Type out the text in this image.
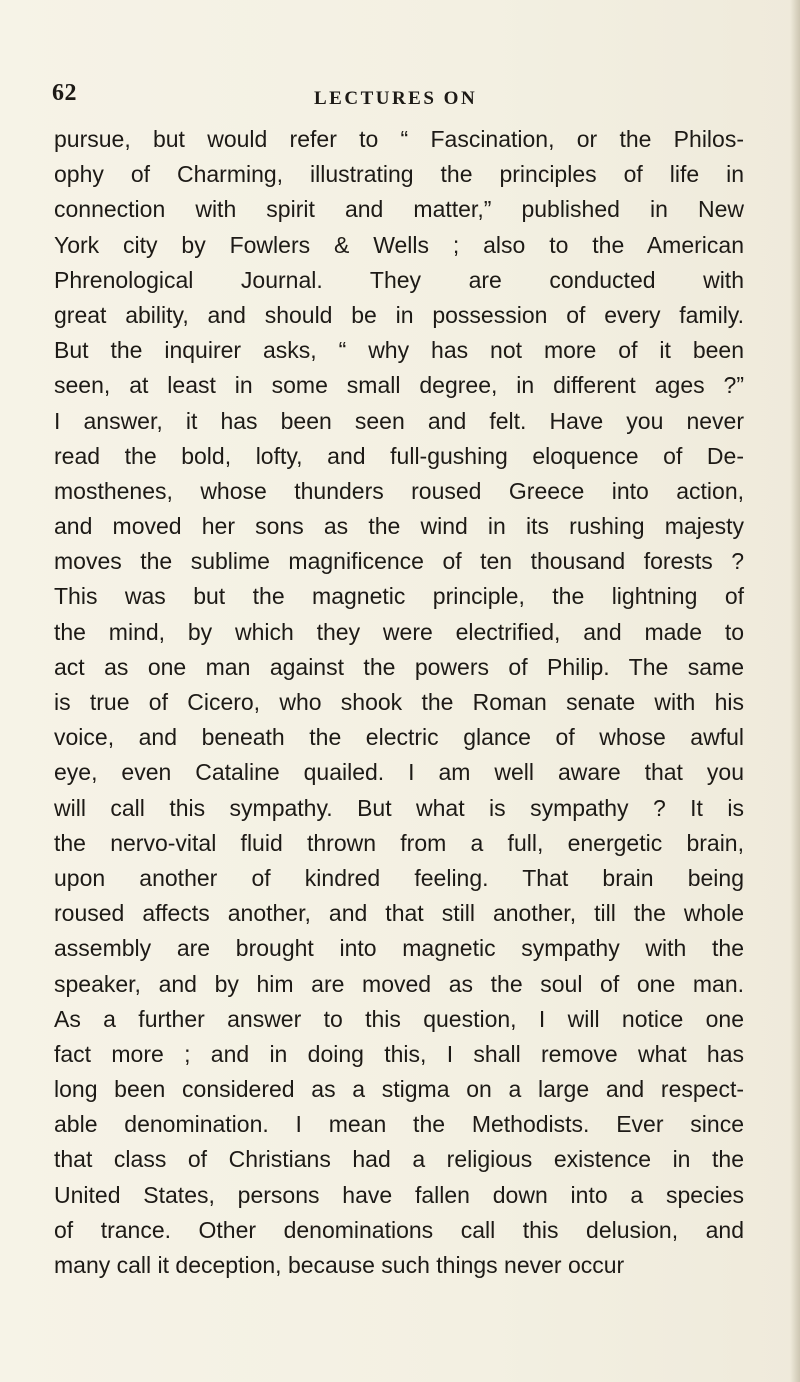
62	LECTURES ON
pursue, but would refer to “ Fascination, or the Philos-
ophy of Charming, illustrating the principles of life in
connection with spirit and matter,” published in New
York city by Fowlers & Wells ; also to the American
Phrenological Journal. They are conducted with
great ability, and should be in possession of every family.
But the inquirer asks, “ why has not more of it been
seen, at least in some small degree, in different ages ?”
I answer, it has been seen and felt. Have you never
read the bold, lofty, and full-gushing eloquence of De-
mosthenes, whose thunders roused Greece into action,
and moved her sons as the wind in its rushing majesty
moves the sublime magnificence of ten thousand forests ?
This was but the magnetic principle, the lightning of
the mind, by which they were electrified, and made to
act as one man against the powers of Philip. The same
is true of Cicero, who shook the Roman senate with his
voice, and beneath the electric glance of whose awful
eye, even Cataline quailed. I am well aware that you
will call this sympathy. But what is sympathy ? It is
the nervo-vital fluid thrown from a full, energetic brain,
upon another of kindred feeling. That brain being
roused affects another, and that still another, till the whole
assembly are brought into magnetic sympathy with the
speaker, and by him are moved as the soul of one man.
As a further answer to this question, I will notice one
fact more ; and in doing this, I shall remove what has
long been considered as a stigma on a large and respect-
able denomination. I mean the Methodists. Ever since
that class of Christians had a religious existence in the
United States, persons have fallen down into a species
of trance. Other denominations call this delusion, and
many call it deception, because such things never occur
